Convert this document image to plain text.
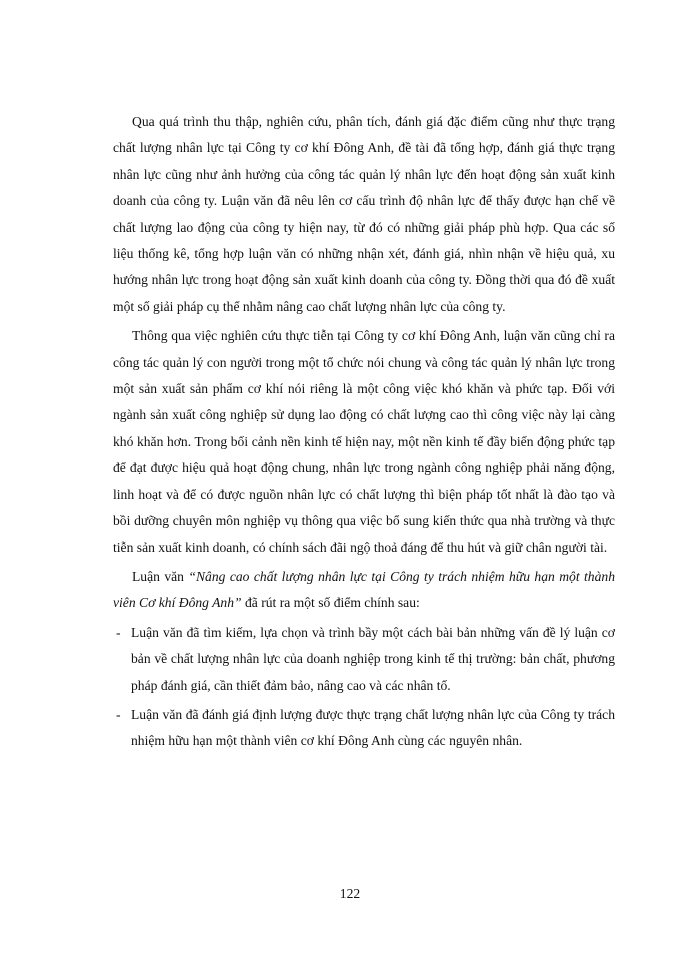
Qua quá trình thu thập, nghiên cứu, phân tích, đánh giá đặc điểm cũng như thực trạng chất lượng nhân lực tại Công ty cơ khí Đông Anh, đề tài đã tổng hợp, đánh giá thực trạng nhân lực cũng như ảnh hưởng của công tác quản lý nhân lực đến hoạt động sản xuất kinh doanh của công ty. Luận văn đã nêu lên cơ cấu trình độ nhân lực để thấy được hạn chế về chất lượng lao động của công ty hiện nay, từ đó có những giải pháp phù hợp. Qua các số liệu thống kê, tổng hợp luận văn có những nhận xét, đánh giá, nhìn nhận về hiệu quả, xu hướng nhân lực trong hoạt động sản xuất kinh doanh của công ty. Đồng thời qua đó đề xuất một số giải pháp cụ thể nhằm nâng cao chất lượng nhân lực của công ty.

Thông qua việc nghiên cứu thực tiễn tại Công ty cơ khí Đông Anh, luận văn cũng chỉ ra công tác quản lý con người trong một tổ chức nói chung và công tác quản lý nhân lực trong một sản xuất sản phẩm cơ khí nói riêng là một công việc khó khăn và phức tạp. Đối với ngành sản xuất công nghiệp sử dụng lao động có chất lượng cao thì công việc này lại càng khó khăn hơn. Trong bối cảnh nền kinh tế hiện nay, một nền kinh tế đầy biến động phức tạp để đạt được hiệu quả hoạt động chung, nhân lực trong ngành công nghiệp phải năng động, linh hoạt và để có được nguồn nhân lực có chất lượng thì biện pháp tốt nhất là đào tạo và bồi dưỡng chuyên môn nghiệp vụ thông qua việc bổ sung kiến thức qua nhà trường và thực tiễn sản xuất kinh doanh, có chính sách đãi ngộ thoả đáng để thu hút và giữ chân người tài.

Luận văn “Nâng cao chất lượng nhân lực tại Công ty trách nhiệm hữu hạn một thành viên Cơ khí Đông Anh” đã rút ra một số điểm chính sau:

- Luận văn đã tìm kiếm, lựa chọn và trình bầy một cách bài bản những vấn đề lý luận cơ bản về chất lượng nhân lực của doanh nghiệp trong kinh tế thị trường: bản chất, phương pháp đánh giá, cần thiết đảm bảo, nâng cao và các nhân tố.
- Luận văn đã đánh giá định lượng được thực trạng chất lượng nhân lực của Công ty trách nhiệm hữu hạn một thành viên cơ khí Đông Anh cùng các nguyên nhân.
122
